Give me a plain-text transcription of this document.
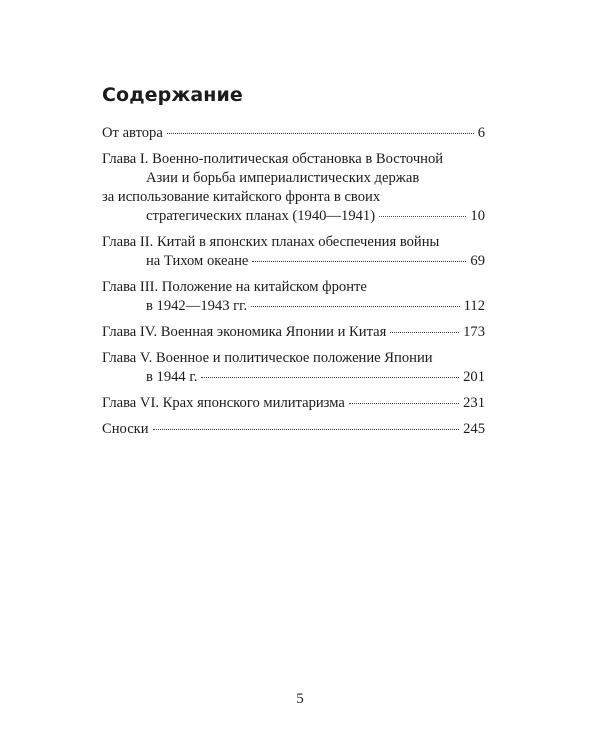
Содержание
От автора	6
Глава I. Военно-политическая обстановка в Восточной
Азии и борьба империалистических держав
за использование китайского фронта в своих
стратегических планах (1940—1941)	10
Глава II. Китай в японских планах обеспечения войны
на Тихом океане	69
Глава III. Положение на китайском фронте
в 1942—1943 гг.	112
Глава IV. Военная экономика Японии и Китая	173
Глава V. Военное и политическое положение Японии
в 1944 г.	201
Глава VI. Крах японского милитаризма	231
Сноски	245
5
